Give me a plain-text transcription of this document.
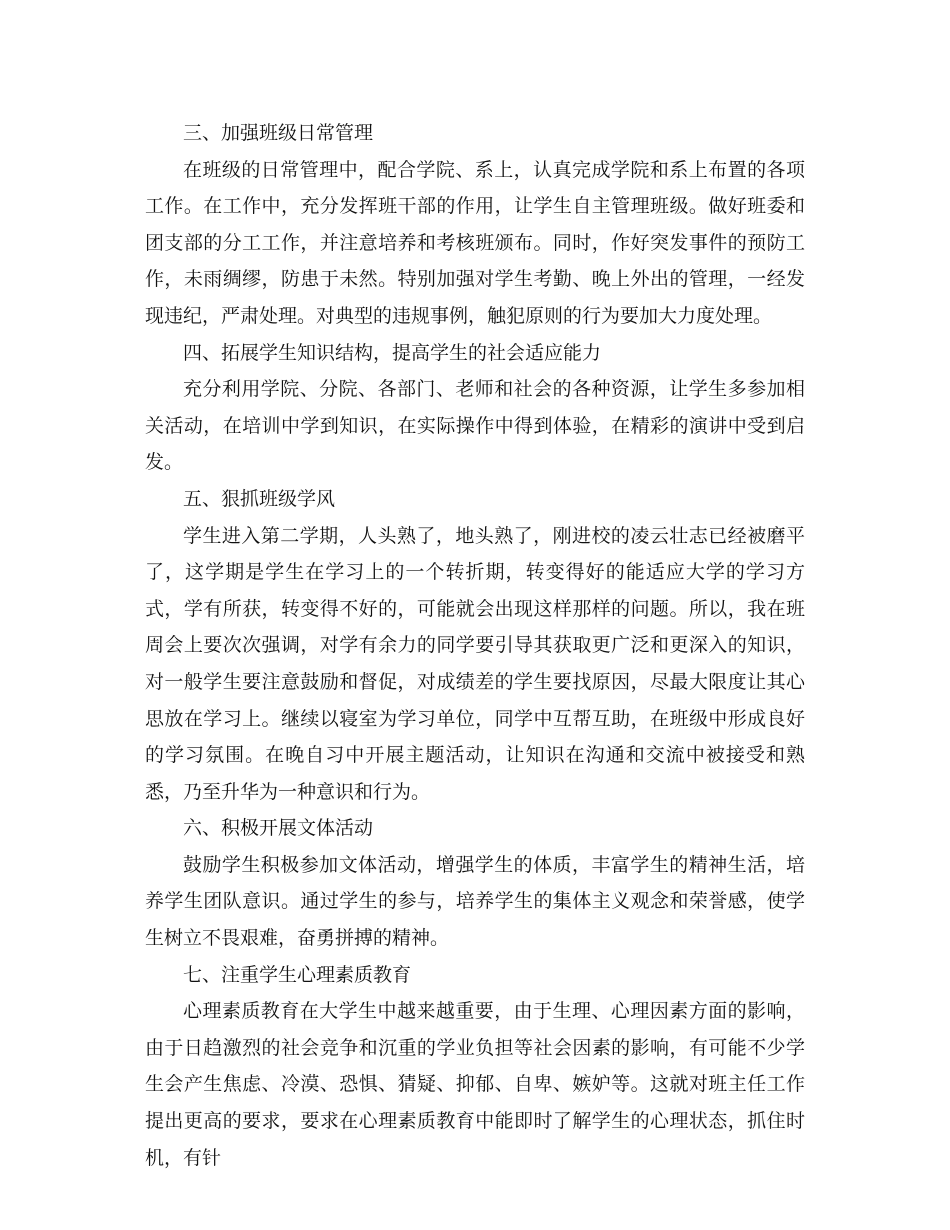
三、加强班级日常管理

在班级的日常管理中，配合学院、系上，认真完成学院和系上布置的各项工作。在工作中，充分发挥班干部的作用，让学生自主管理班级。做好班委和团支部的分工工作，并注意培养和考核班颁布。同时，作好突发事件的预防工作，未雨绸缪，防患于未然。特别加强对学生考勤、晚上外出的管理，一经发现违纪，严肃处理。对典型的违规事例，触犯原则的行为要加大力度处理。

四、拓展学生知识结构，提高学生的社会适应能力

充分利用学院、分院、各部门、老师和社会的各种资源，让学生多参加相关活动，在培训中学到知识，在实际操作中得到体验，在精彩的演讲中受到启发。

五、狠抓班级学风

学生进入第二学期，人头熟了，地头熟了，刚进校的凌云壮志已经被磨平了，这学期是学生在学习上的一个转折期，转变得好的能适应大学的学习方式，学有所获，转变得不好的，可能就会出现这样那样的问题。所以，我在班周会上要次次强调，对学有余力的同学要引导其获取更广泛和更深入的知识，对一般学生要注意鼓励和督促，对成绩差的学生要找原因，尽最大限度让其心思放在学习上。继续以寝室为学习单位，同学中互帮互助，在班级中形成良好的学习氛围。在晚自习中开展主题活动，让知识在沟通和交流中被接受和熟悉，乃至升华为一种意识和行为。

六、积极开展文体活动

鼓励学生积极参加文体活动，增强学生的体质，丰富学生的精神生活，培养学生团队意识。通过学生的参与，培养学生的集体主义观念和荣誉感，使学生树立不畏艰难，奋勇拼搏的精神。

七、注重学生心理素质教育

心理素质教育在大学生中越来越重要，由于生理、心理因素方面的影响，由于日趋激烈的社会竞争和沉重的学业负担等社会因素的影响，有可能不少学生会产生焦虑、冷漠、恐惧、猜疑、抑郁、自卑、嫉妒等。这就对班主任工作提出更高的要求，要求在心理素质教育中能即时了解学生的心理状态，抓住时机，有针
